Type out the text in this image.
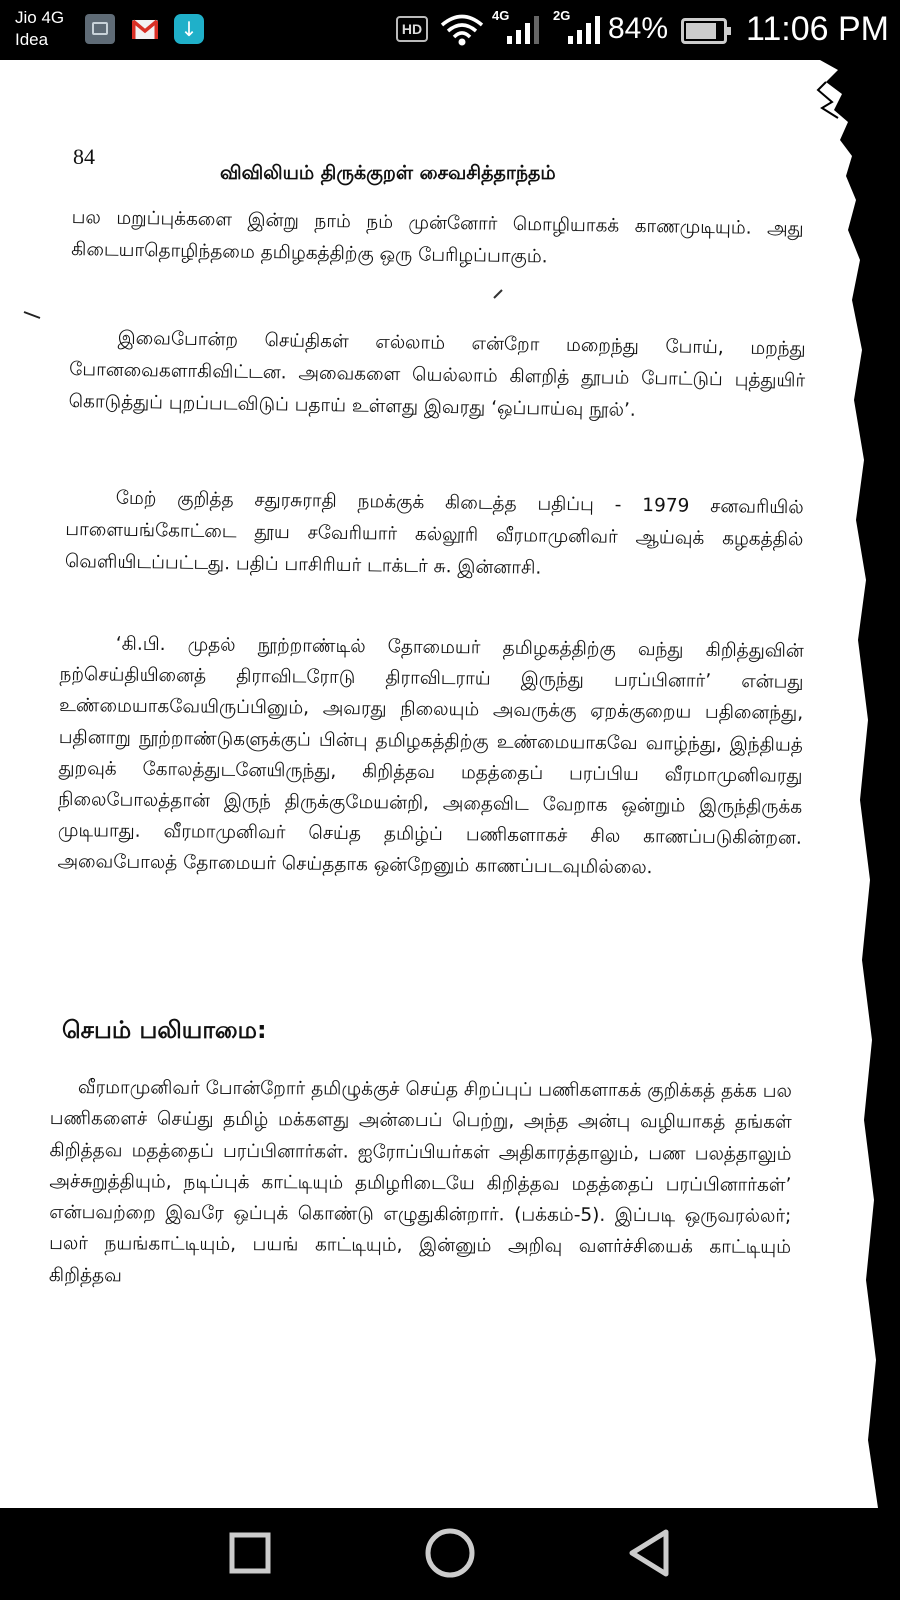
Jio 4G
Idea
↓
HD
4G	2G 84% 11:06 PM
84
விவிலியம் திருக்குறள் சைவசித்தாந்தம்

பல மறுப்புக்களை இன்று நாம் நம் முன்னோர் மொழியாகக் காணமுடியும். அது கிடையாதொழிந்தமை தமிழகத்திற்கு ஒரு பேரிழப்பாகும்.

இவைபோன்ற செய்திகள் எல்லாம் என்றோ மறைந்து போய், மறந்து போனவைகளாகிவிட்டன. அவைகளை யெல்லாம் கிளறித் தூபம் போட்டுப் புத்துயிர் கொடுத்துப் புறப்படவிடுப் பதாய் உள்ளது இவரது ‘ஒப்பாய்வு நூல்’.

மேற் குறித்த சதுரசுராதி நமக்குக் கிடைத்த பதிப்பு - 1979 சனவரியில் பாளையங்கோட்டை தூய சவேரியார் கல்லூரி வீரமாமுனிவர் ஆய்வுக் கழகத்தில் வெளியிடப்பட்டது. பதிப் பாசிரியர் டாக்டர் சு. இன்னாசி.

‘கி.பி. முதல் நூற்றாண்டில் தோமையர் தமிழகத்திற்கு வந்து கிறித்துவின் நற்செய்தியினைத் திராவிடரோடு திராவிடராய் இருந்து பரப்பினார்’ என்பது உண்மையாகவேயிருப்பினும், அவரது நிலையும் அவருக்கு ஏறக்குறைய பதினைந்து, பதினாறு நூற்றாண்டுகளுக்குப் பின்பு தமிழகத்திற்கு உண்மையாகவே வாழ்ந்து, இந்தியத் துறவுக் கோலத்துடனேயிருந்து, கிறித்தவ மதத்தைப் பரப்பிய வீரமாமுனிவரது நிலைபோலத்தான் இருந் திருக்குமேயன்றி, அதைவிட வேறாக ஒன்றும் இருந்திருக்க முடியாது. வீரமாமுனிவர் செய்த தமிழ்ப் பணிகளாகச் சில காணப்படுகின்றன. அவைபோலத் தோமையர் செய்ததாக ஒன்றேனும் காணப்படவுமில்லை.

செபம் பலியாமை:

வீரமாமுனிவர் போன்றோர் தமிழுக்குச் செய்த சிறப்புப் பணிகளாகக் குறிக்கத் தக்க பல பணிகளைச் செய்து தமிழ் மக்களது அன்பைப் பெற்று, அந்த அன்பு வழியாகத் தங்கள் கிறித்தவ மதத்தைப் பரப்பினார்கள். ஐரோப்பியர்கள் அதிகாரத்தாலும், பண பலத்தாலும் அச்சுறுத்தியும், நடிப்புக் காட்டியும் தமிழரிடையே கிறித்தவ மதத்தைப் பரப்பினார்கள்’ என்பவற்றை இவரே ஒப்புக் கொண்டு எழுதுகின்றார். (பக்கம்-5). இப்படி ஒருவரல்லர்; பலர் நயங்காட்டியும், பயங் காட்டியும், இன்னும் அறிவு வளர்ச்சியைக் காட்டியும் கிறித்தவ
